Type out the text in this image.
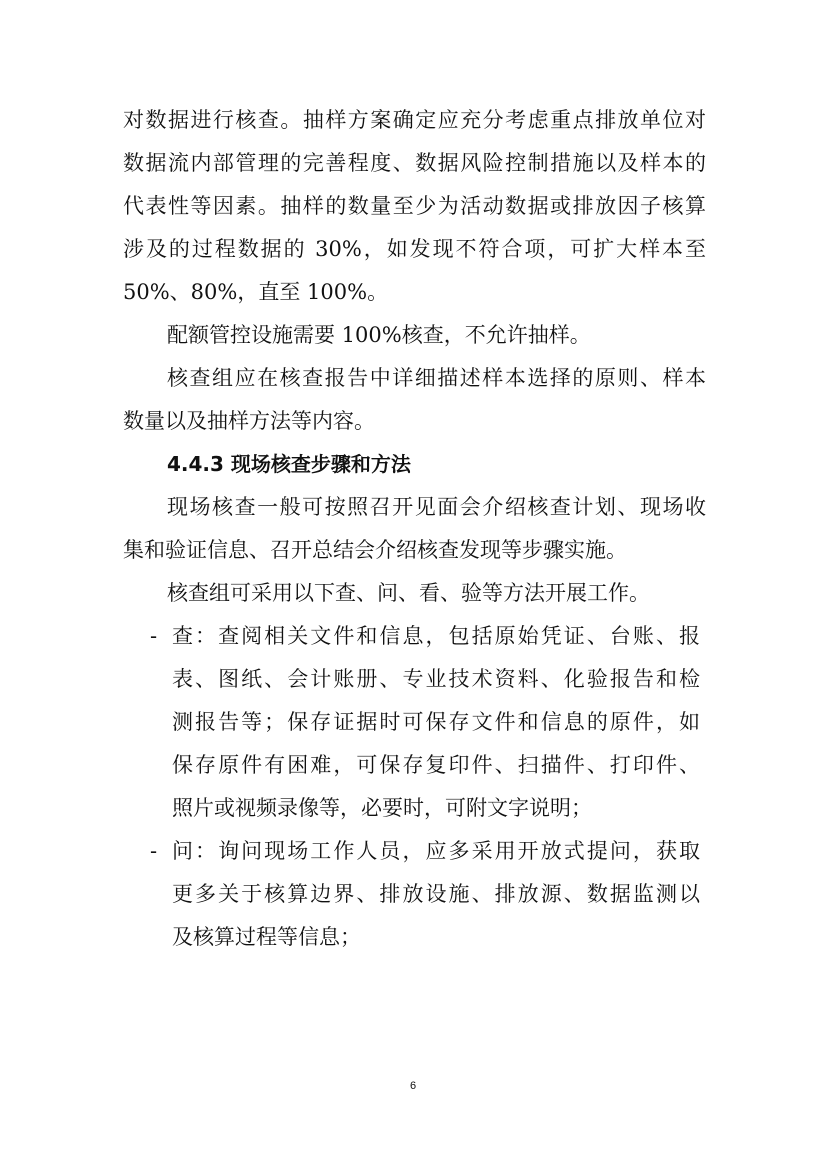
对数据进行核查。抽样方案确定应充分考虑重点排放单位对
数据流内部管理的完善程度、数据风险控制措施以及样本的
代表性等因素。抽样的数量至少为活动数据或排放因子核算
涉及的过程数据的 30%，如发现不符合项，可扩大样本至
50%、80%，直至 100%。
配额管控设施需要 100%核查，不允许抽样。
核查组应在核查报告中详细描述样本选择的原则、样本
数量以及抽样方法等内容。
4.4.3 现场核查步骤和方法
现场核查一般可按照召开见面会介绍核查计划、现场收
集和验证信息、召开总结会介绍核查发现等步骤实施。
核查组可采用以下查、问、看、验等方法开展工作。
- 查：查阅相关文件和信息，包括原始凭证、台账、报
表、图纸、会计账册、专业技术资料、化验报告和检
测报告等；保存证据时可保存文件和信息的原件，如
保存原件有困难，可保存复印件、扫描件、打印件、
照片或视频录像等，必要时，可附文字说明；
- 问：询问现场工作人员，应多采用开放式提问，获取
更多关于核算边界、排放设施、排放源、数据监测以
及核算过程等信息；
6
